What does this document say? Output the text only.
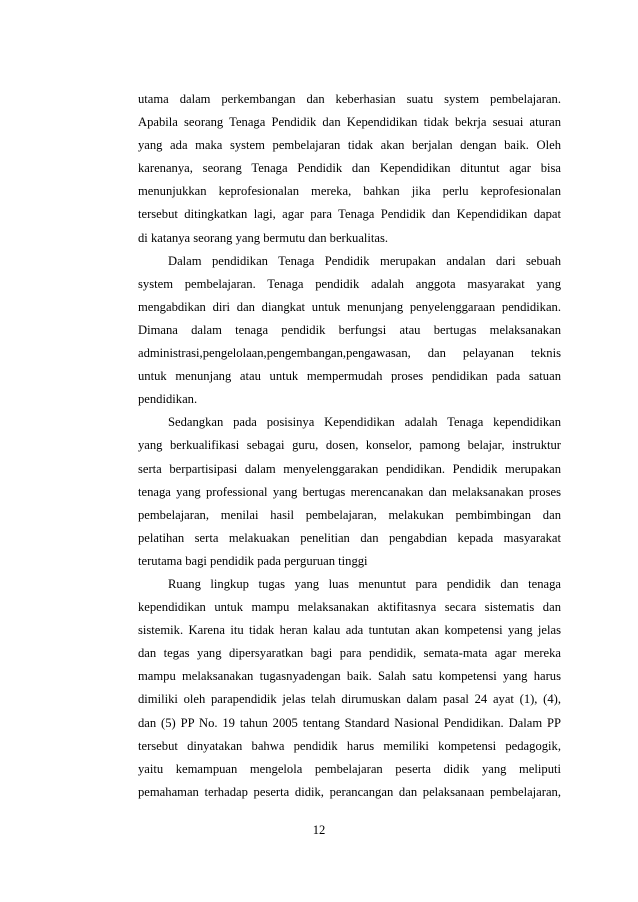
utama dalam perkembangan dan keberhasian suatu system pembelajaran.
Apabila seorang Tenaga Pendidik dan Kependidikan tidak bekrja sesuai aturan
yang ada maka system pembelajaran tidak akan berjalan dengan baik. Oleh
karenanya, seorang Tenaga Pendidik dan Kependidikan dituntut agar bisa
menunjukkan keprofesionalan mereka, bahkan jika perlu keprofesionalan
tersebut ditingkatkan lagi, agar para Tenaga Pendidik dan Kependidikan dapat
di katanya seorang yang bermutu dan berkualitas.
Dalam pendidikan Tenaga Pendidik merupakan andalan dari sebuah
system pembelajaran. Tenaga pendidik adalah anggota masyarakat yang
mengabdikan diri dan diangkat untuk menunjang penyelenggaraan pendidikan.
Dimana dalam tenaga pendidik berfungsi atau bertugas melaksanakan
administrasi,pengelolaan,pengembangan,pengawasan, dan pelayanan teknis
untuk menunjang atau untuk mempermudah proses pendidikan pada satuan
pendidikan.
Sedangkan pada posisinya Kependidikan adalah Tenaga kependidikan
yang berkualifikasi sebagai guru, dosen, konselor, pamong belajar, instruktur
serta berpartisipasi dalam menyelenggarakan pendidikan. Pendidik merupakan
tenaga yang professional yang bertugas merencanakan dan melaksanakan proses
pembelajaran, menilai hasil pembelajaran, melakukan pembimbingan dan
pelatihan serta melakuakan penelitian dan pengabdian kepada masyarakat
terutama bagi pendidik pada perguruan tinggi
Ruang lingkup tugas yang luas menuntut para pendidik dan tenaga
kependidikan untuk mampu melaksanakan aktifitasnya secara sistematis dan
sistemik. Karena itu tidak heran kalau ada tuntutan akan kompetensi yang jelas
dan tegas yang dipersyaratkan bagi para pendidik, semata-mata agar mereka
mampu melaksanakan tugasnyadengan baik. Salah satu kompetensi yang harus
dimiliki oleh parapendidik jelas telah dirumuskan dalam pasal 24 ayat (1), (4),
dan (5) PP No. 19 tahun 2005 tentang Standard Nasional Pendidikan. Dalam PP
tersebut dinyatakan bahwa pendidik harus memiliki kompetensi pedagogik,
yaitu kemampuan mengelola pembelajaran peserta didik yang meliputi
pemahaman terhadap peserta didik, perancangan dan pelaksanaan pembelajaran,
12
